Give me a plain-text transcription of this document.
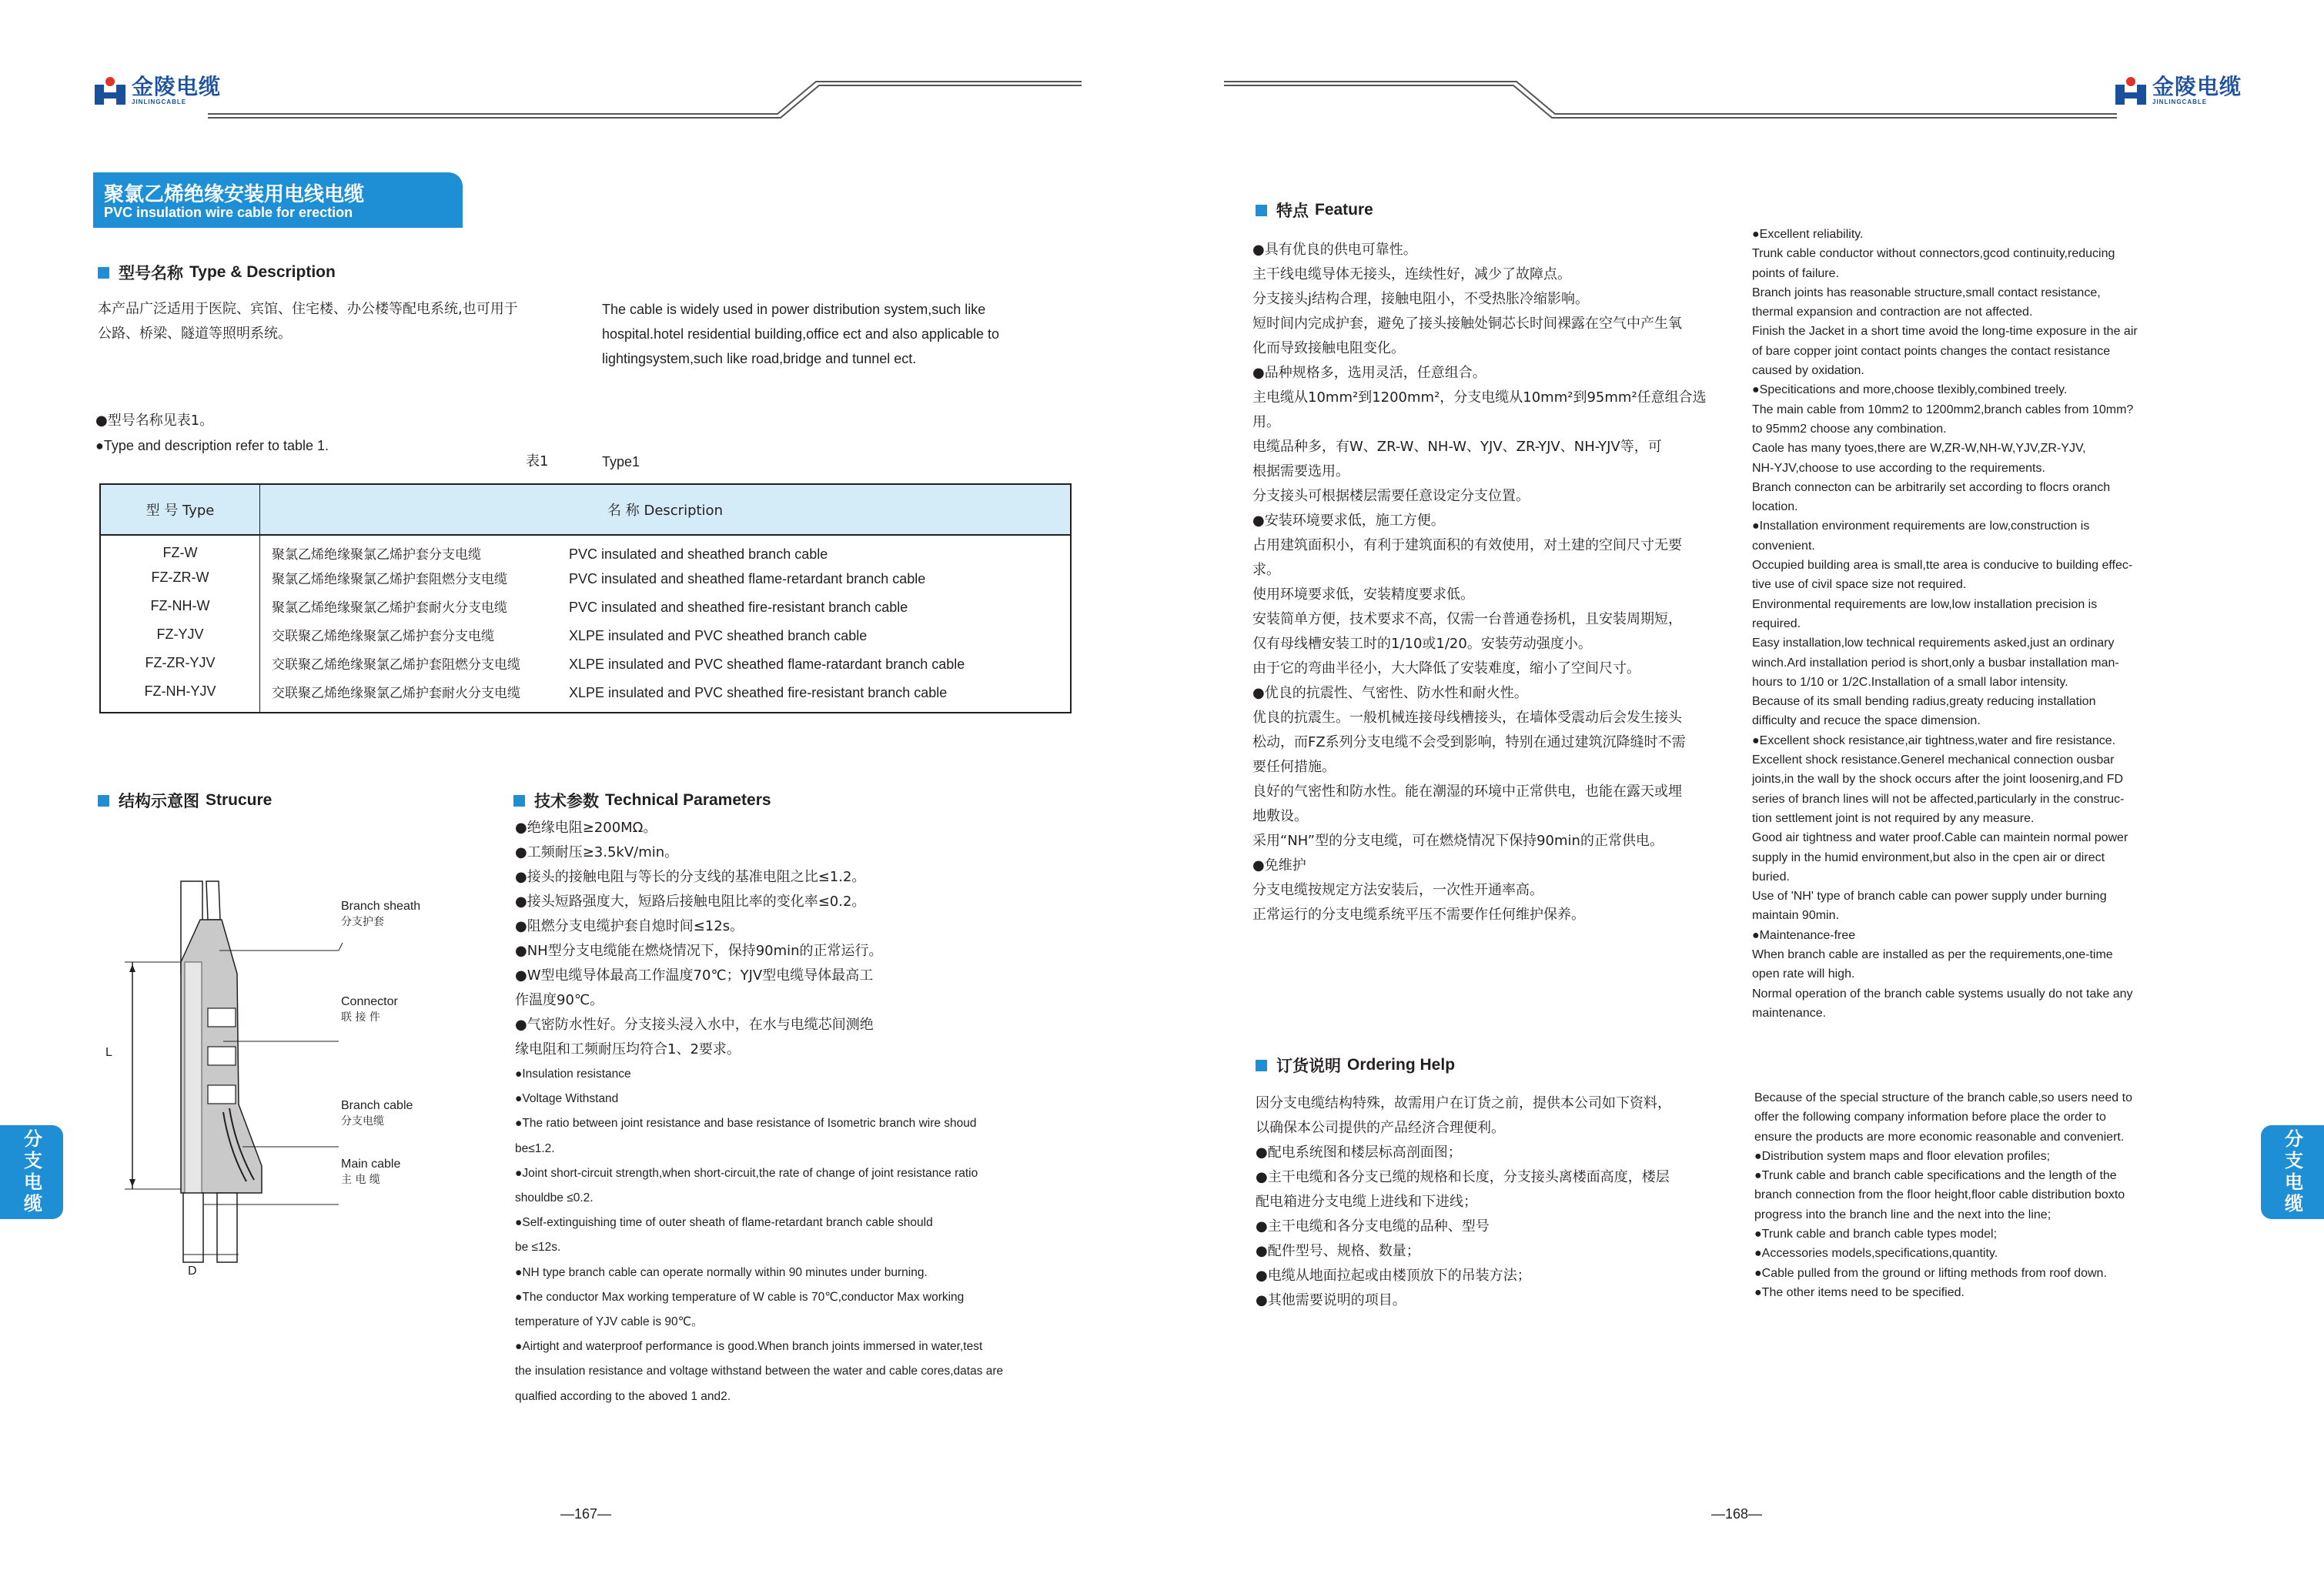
金陵电缆
JINLINGCABLE
金陵电缆
JINLINGCABLE
聚氯乙烯绝缘安装用电线电缆
PVC insulation wire cable for erection
型号名称 Type & Description
本产品广泛适用于医院、宾馆、住宅楼、办公楼等配电系统,也可用于
公路、桥梁、隧道等照明系统。
The cable is widely used in power distribution system,such like
hospital.hotel residential building,office ect and also applicable to
lightingsystem,such like road,bridge and tunnel ect.
●型号名称见表1。
●Type and description refer to table 1.
表1	Type1
型 号 Type	名 称 Description
FZ-W	聚氯乙烯绝缘聚氯乙烯护套分支电缆 PVC insulated and sheathed branch cable
FZ-ZR-W	聚氯乙烯绝缘聚氯乙烯护套阻燃分支电缆 PVC insulated and sheathed flame-retardant branch cable
FZ-NH-W	聚氯乙烯绝缘聚氯乙烯护套耐火分支电缆 PVC insulated and sheathed fire-resistant branch cable
FZ-YJV	交联聚乙烯绝缘聚氯乙烯护套分支电缆 XLPE insulated and PVC sheathed branch cable
FZ-ZR-YJV	交联聚乙烯绝缘聚氯乙烯护套阻燃分支电缆 XLPE insulated and PVC sheathed flame-ratardant branch cable
FZ-NH-YJV	交联聚乙烯绝缘聚氯乙烯护套耐火分支电缆 XLPE insulated and PVC sheathed fire-resistant branch cable
结构示意图 Strucure
L
D
Branch sheath
分支护套
Connector
联 接 件
Branch cable
分支电缆
Main cable
主 电 缆
技术参数 Technical Parameters
●绝缘电阻≥200MΩ。
●工频耐压≥3.5kV/min。
●接头的接触电阻与等长的分支线的基准电阻之比≤1.2。
●接头短路强度大，短路后接触电阻比率的变化率≤0.2。
●阻燃分支电缆护套自熄时间≤12s。
●NH型分支电缆能在燃烧情况下，保持90min的正常运行。
●W型电缆导体最高工作温度70℃；YJV型电缆导体最高工
作温度90℃。
●气密防水性好。分支接头浸入水中，在水与电缆芯间测绝
缘电阻和工频耐压均符合1、2要求。
●Insulation resistance
●Voltage Withstand
●The ratio between joint resistance and base resistance of Isometric branch wire shoud
be≤1.2.
●Joint short-circuit strength,when short-circuit,the rate of change of joint resistance ratio
shouldbe ≤0.2.
●Self-extinguishing time of outer sheath of flame-retardant branch cable should
be ≤12s.
●NH type branch cable can operate normally within 90 minutes under burning.
●The conductor Max working temperature of W cable is 70℃,conductor Max working
temperature of YJV cable is 90℃。
●Airtight and waterproof performance is good.When branch joints immersed in water,test
the insulation resistance and voltage withstand between the water and cable cores,datas are
qualfied according to the aboved 1 and2.
分支电缆
—167—
特点 Feature
●具有优良的供电可靠性。
主干线电缆导体无接头，连续性好，减少了故障点。
分支接头j结构合理，接触电阻小，不受热胀冷缩影响。
短时间内完成护套，避免了接头接触处铜芯长时间裸露在空气中产生氧
化而导致接触电阻变化。
●品种规格多，选用灵活，任意组合。
主电缆从10mm²到1200mm²，分支电缆从10mm²到95mm²任意组合选
用。
电缆品种多，有W、ZR-W、NH-W、YJV、ZR-YJV、NH-YJV等，可
根据需要选用。
分支接头可根据楼层需要任意设定分支位置。
●安装环境要求低，施工方便。
占用建筑面积小，有利于建筑面积的有效使用，对土建的空间尺寸无要
求。
使用环境要求低，安装精度要求低。
安装简单方便，技术要求不高，仅需一台普通卷扬机，且安装周期短，
仅有母线槽安装工时的1/10或1/20。安装劳动强度小。
由于它的弯曲半径小，大大降低了安装难度，缩小了空间尺寸。
●优良的抗震性、气密性、防水性和耐火性。
优良的抗震生。一般机械连接母线槽接头，在墙体受震动后会发生接头
松动，而FZ系列分支电缆不会受到影响，特别在通过建筑沉降缝时不需
要任何措施。
良好的气密性和防水性。能在潮湿的环境中正常供电，也能在露天或埋
地敷设。
采用“NH”型的分支电缆，可在燃烧情况下保持90min的正常供电。
●免维护
分支电缆按规定方法安装后，一次性开通率高。
正常运行的分支电缆系统平压不需要作任何维护保养。
●Excellent reliability.
Trunk cable conductor without connectors,gcod continuity,reducing
points of failure.
Branch joints has reasonable structure,small contact resistance,
thermal expansion and contraction are not affected.
Finish the Jacket in a short time avoid the long-time exposure in the air
of bare copper joint contact points changes the contact resistance
caused by oxidation.
●Specitications and more,choose tlexibly,combined treely.
The main cable from 10mm2 to 1200mm2,branch cables from 10mm?
to 95mm2 choose any combination.
Caole has many tyoes,there are W,ZR-W,NH-W,YJV,ZR-YJV,
NH-YJV,choose to use according to the requirements.
Branch connecton can be arbitrarily set according to flocrs oranch
location.
●Installation environment requirements are low,construction is
convenient.
Occupied building area is small,tte area is conducive to building effec-
tive use of civil space size not required.
Environmental requirements are low,low installation precision is
required.
Easy installation,low technical requirements asked,just an ordinary
winch.Ard installation period is short,only a busbar installation man-
hours to 1/10 or 1/2C.Installation of a small labor intensity.
Because of its small bending radius,greaty reducing installation
difficulty and recuce the space dimension.
●Excellent shock resistance,air tightness,water and fire resistance.
Excellent shock resistance.Generel mechanical connection ousbar
joints,in the wall by the shock occurs after the joint looseni​rg,and FD
series of branch lines will not be affected,particularly in the construc-
tion settlement joint is not required by any measure.
Good air tightness and water proof.Cable can maintein normal power
supply in the humid environment,but also in the cpen air or direct
buried.
Use of 'NH' type of branch cable can power supply under burning
maintain 90min.
●Maintenance-free
When branch cable are installed as per the requirements,one-time
open rate will high.
Normal operation of the branch cable systems usually do not take any
maintenance.
订货说明 Ordering Help
因分支电缆结构特殊，故需用户在订货之前，提供本公司如下资料，
以确保本公司提供的产品经济合理便利。
●配电系统图和楼层标高剖面图；
●主干电缆和各分支已缆的规格和长度，分支接头离楼面高度，楼层
配电箱进分支电缆上进线和下进线；
●主干电缆和各分支电缆的品种、型号
●配件型号、规格、数量；
●电缆从地面拉起或由楼顶放下的吊装方法；
●其他需要说明的项目。
Because of the special structure of the branch cable,so users need to
offer the following company information before place the order to
ensure the products are more economic reasonable and conveniert.
●Distribution system maps and floor elevation profiles;
●Trunk cable and branch cable specifications and the length of the
branch connection from the floor height,floor cable distribution boxto
progress into the branch line and the next into the line;
●Trunk cable and branch cable types model;
●Accessories models,specifications,quantity.
●Cable pulled from the ground or lifting methods from roof down.
●The other items need to be specified.
分支电缆
—168—
